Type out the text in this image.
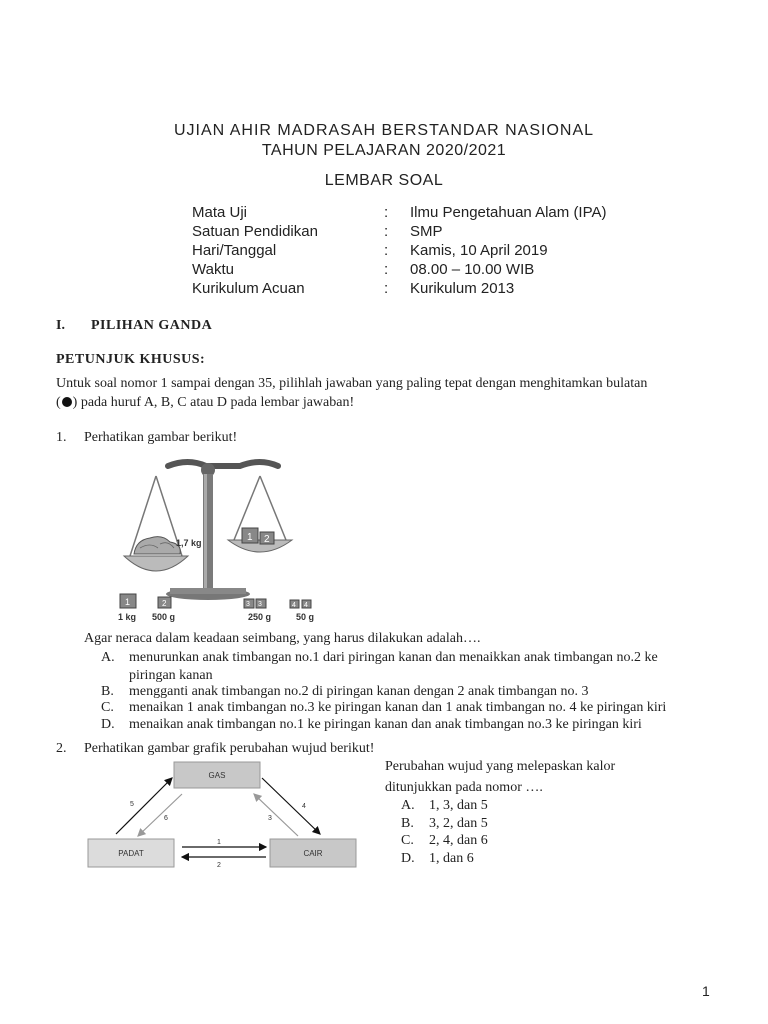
UJIAN AHIR MADRASAH BERSTANDAR NASIONAL
TAHUN PELAJARAN 2020/2021
LEMBAR SOAL
Mata Uji	: Ilmu Pengetahuan Alam (IPA)
Satuan Pendidikan	: SMP
Hari/Tanggal	: Kamis, 10 April 2019
Waktu	: 08.00 – 10.00 WIB
Kurikulum Acuan	: Kurikulum 2013
I. PILIHAN GANDA
PETUNJUK KHUSUS:
Untuk soal nomor 1 sampai dengan 35, pilihlah jawaban yang paling tepat dengan menghitamkan bulatan
( ) pada huruf A, B, C atau D pada lembar jawaban!
1. Perhatikan gambar berikut!
1,7 kg	1 2
1	2	3 3	4 4
1 kg 500 g	250 g	50 g
Agar neraca dalam keadaan seimbang, yang harus dilakukan adalah….
A. menurunkan anak timbangan no.1 dari piringan kanan dan menaikkan anak timbangan no.2 ke
piringan kanan
B. mengganti anak timbangan no.2 di piringan kanan dengan 2 anak timbangan no. 3
C. menaikan 1 anak timbangan no.3 ke piringan kanan dan 1 anak timbangan no. 4 ke piringan kiri
D. menaikan anak timbangan no.1 ke piringan kanan dan anak timbangan no.3 ke piringan kiri
2. Perhatikan gambar grafik perubahan wujud berikut!
GAS
PADAT	CAIR
5
6
4
3
1
2
Perubahan wujud yang melepaskan kalor
ditunjukkan pada nomor ….
A. 1, 3, dan 5
B. 3, 2, dan 5
C. 2, 4, dan 6
D. 1, dan 6
1
